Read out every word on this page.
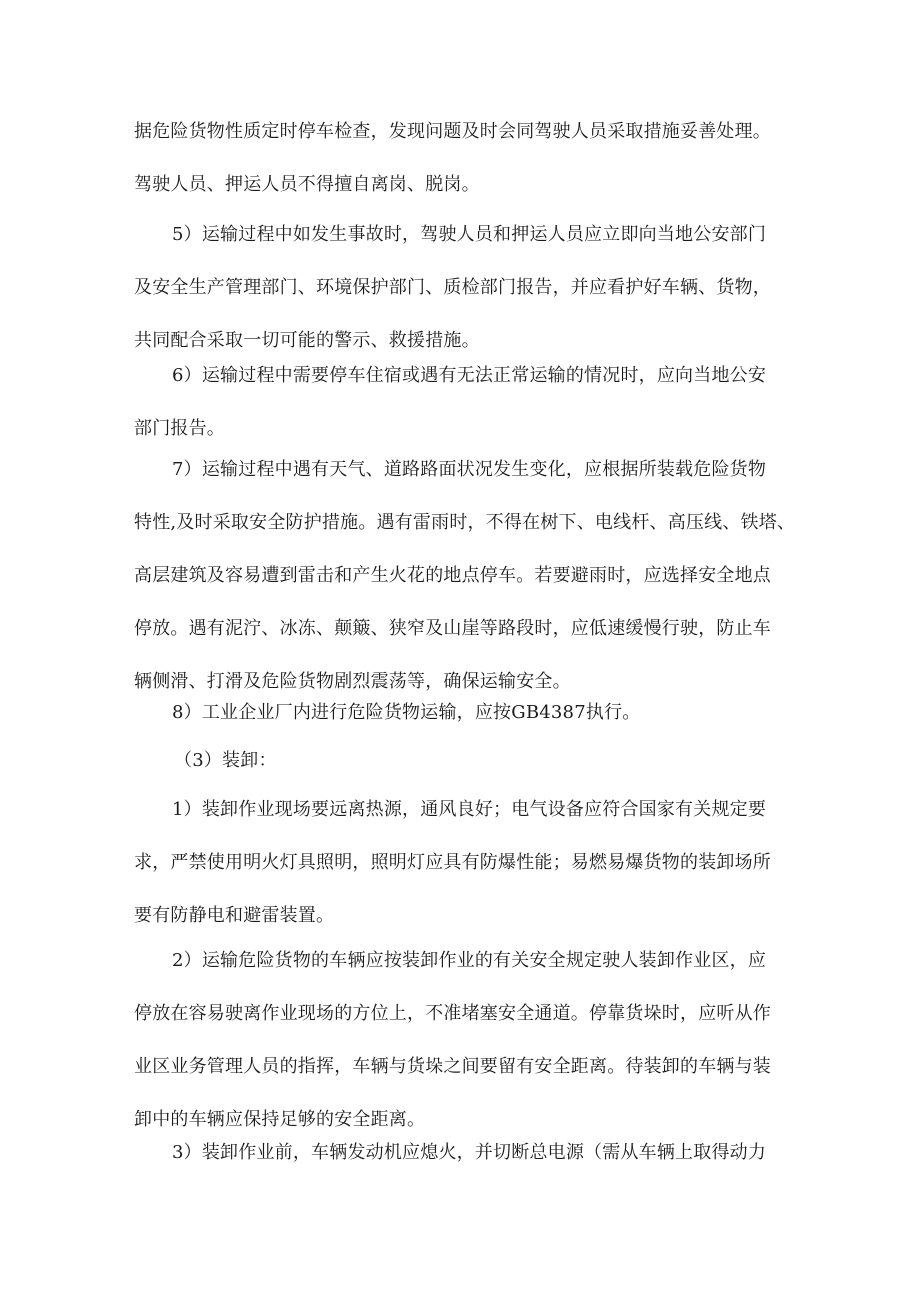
据危险货物性质定时停车检查，发现问题及时会同驾驶人员采取措施妥善处理。
驾驶人员、押运人员不得擅自离岗、脱岗。
5）运输过程中如发生事故时，驾驶人员和押运人员应立即向当地公安部门
及安全生产管理部门、环境保护部门、质检部门报告，并应看护好车辆、货物，
共同配合采取一切可能的警示、救援措施。
6）运输过程中需要停车住宿或遇有无法正常运输的情况时，应向当地公安
部门报告。
7）运输过程中遇有天气、道路路面状况发生变化，应根据所装载危险货物
特性,及时采取安全防护措施。遇有雷雨时，不得在树下、电线杆、高压线、铁塔、
高层建筑及容易遭到雷击和产生火花的地点停车。若要避雨时，应选择安全地点
停放。遇有泥泞、冰冻、颠簸、狭窄及山崖等路段时，应低速缓慢行驶，防止车
辆侧滑、打滑及危险货物剧烈震荡等，确保运输安全。
8）工业企业厂内进行危险货物运输，应按GB4387执行。
（3）装卸：
1）装卸作业现场要远离热源，通风良好；电气设备应符合国家有关规定要
求，严禁使用明火灯具照明，照明灯应具有防爆性能；易燃易爆货物的装卸场所
要有防静电和避雷装置。
2）运输危险货物的车辆应按装卸作业的有关安全规定驶人装卸作业区，应
停放在容易驶离作业现场的方位上，不准堵塞安全通道。停靠货垛时，应听从作
业区业务管理人员的指挥，车辆与货垛之间要留有安全距离。待装卸的车辆与装
卸中的车辆应保持足够的安全距离。
3）装卸作业前，车辆发动机应熄火，并切断总电源（需从车辆上取得动力
